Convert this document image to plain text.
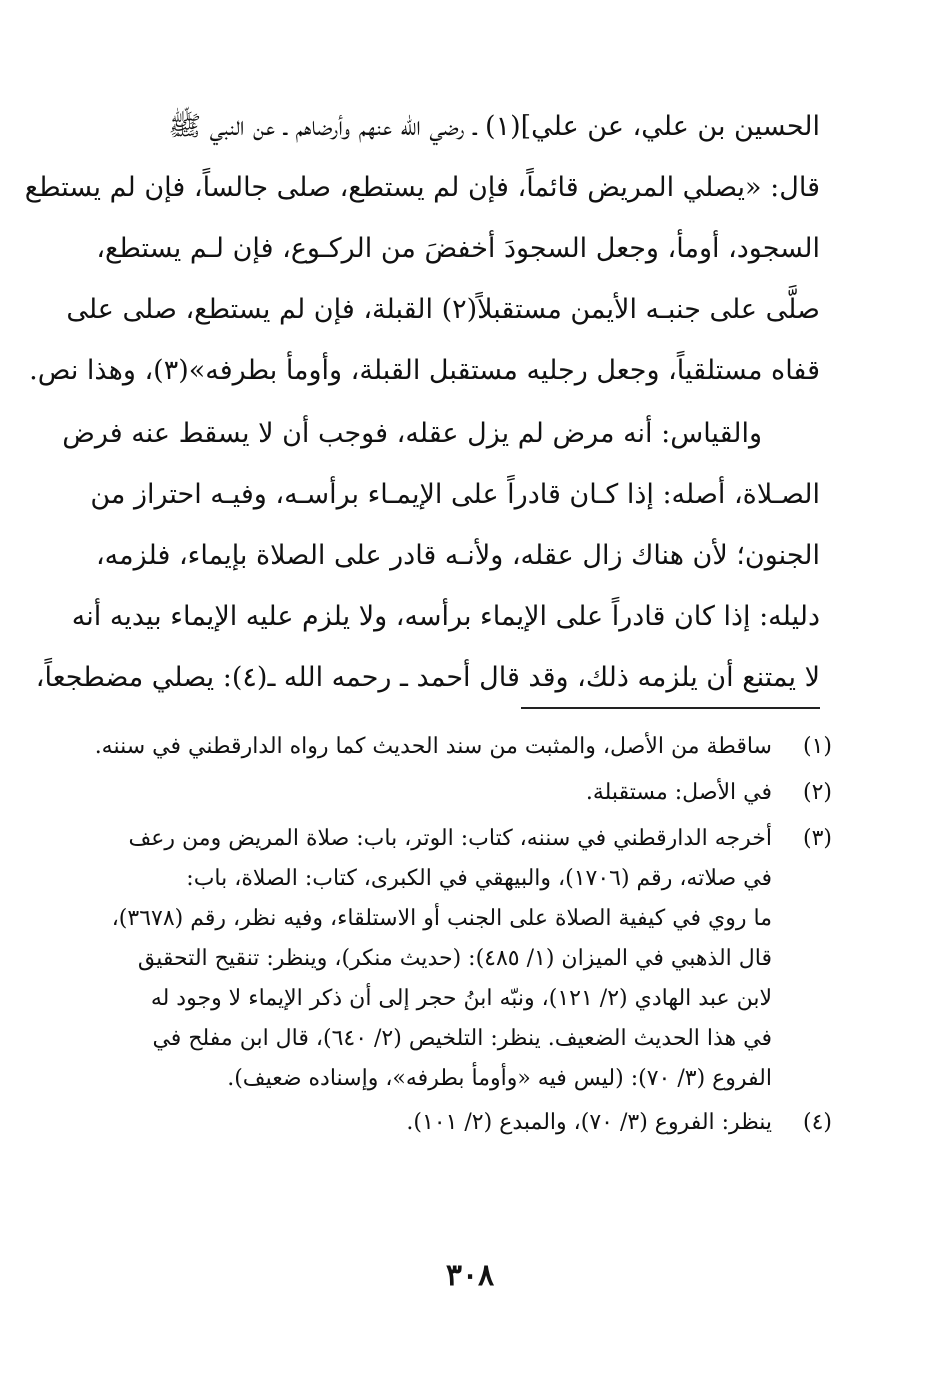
الحسين بن علي، عن علي](١) ـ رضي الله عنهم وأرضاهم ـ عن النبي ﷺ
قال: «يصلي المريض قائماً، فإن لم يستطع، صلى جالساً، فإن لم يستطع
السجود، أومأ، وجعل السجودَ أخفضَ من الركـوع، فإن لـم يستطع،
صلَّى على جنبـه الأيمن مستقبلاً(٢) القبلة، فإن لم يستطع، صلى على
قفاه مستلقياً، وجعل رجليه مستقبل القبلة، وأومأ بطرفه»(٣)، وهذا نص.
والقياس: أنه مرض لم يزل عقله، فوجب أن لا يسقط عنه فرض
الصـلاة، أصله: إذا كـان قادراً على الإيمـاء برأسـه، وفيـه احتراز من
الجنون؛ لأن هناك زال عقله، ولأنـه قادر على الصلاة بإيماء، فلزمه،
دليله: إذا كان قادراً على الإيماء برأسه، ولا يلزم عليه الإيماء بيديه أنه
لا يمتنع أن يلزمه ذلك، وقد قال أحمد ـ رحمه الله ـ(٤): يصلي مضطجعاً،
(١)
ساقطة من الأصل، والمثبت من سند الحديث كما رواه الدارقطني في سننه.
(٢)
في الأصل: مستقبلة.
(٣)
أخرجه الدارقطني في سننه، كتاب: الوتر، باب: صلاة المريض ومن رعف
في صلاته، رقم (١٧٠٦)، والبيهقي في الكبرى، كتاب: الصلاة، باب:
ما روي في كيفية الصلاة على الجنب أو الاستلقاء، وفيه نظر، رقم (٣٦٧٨)،
قال الذهبي في الميزان (١/ ٤٨٥): (حديث منكر)، وينظر: تنقيح التحقيق
لابن عبد الهادي (٢/ ١٢١)، ونبّه ابنُ حجر إلى أن ذكر الإيماء لا وجود له
في هذا الحديث الضعيف. ينظر: التلخيص (٢/ ٦٤٠)، قال ابن مفلح في
الفروع (٣/ ٧٠): (ليس فيه «وأومأ بطرفه»، وإسناده ضعيف).
(٤)
ينظر: الفروع (٣/ ٧٠)، والمبدع (٢/ ١٠١).
٣٠٨
